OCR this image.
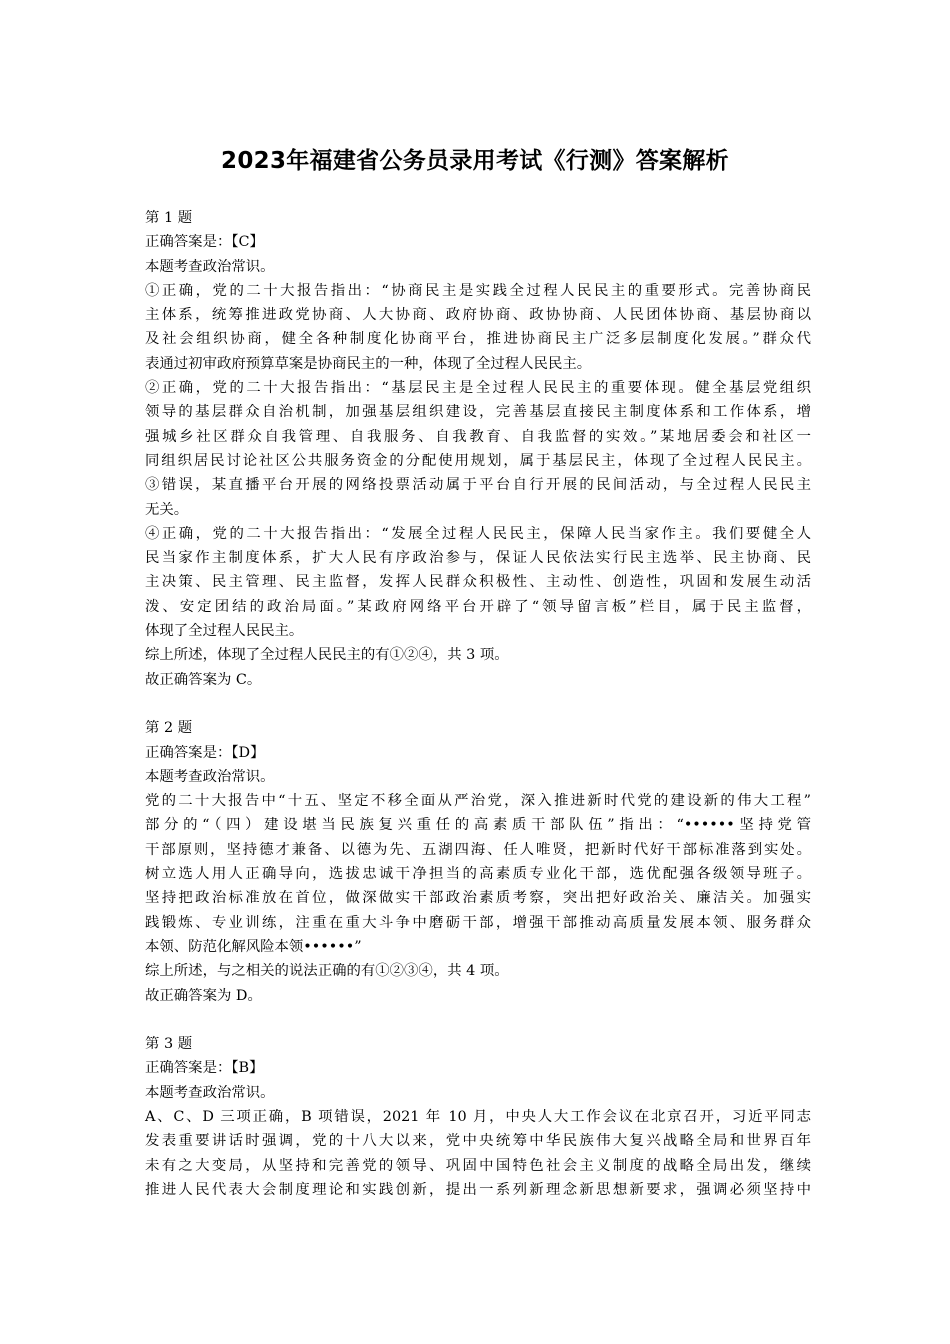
2023年福建省公务员录用考试《行测》答案解析
第 1 题
正确答案是：【C】
本题考查政治常识。
①正确，党的二十大报告指出：“协商民主是实践全过程人民民主的重要形式。完善协商民
主体系，统筹推进政党协商、人大协商、政府协商、政协协商、人民团体协商、基层协商以
及社会组织协商，健全各种制度化协商平台，推进协商民主广泛多层制度化发展。”群众代
表通过初审政府预算草案是协商民主的一种，体现了全过程人民民主。
②正确，党的二十大报告指出：“基层民主是全过程人民民主的重要体现。健全基层党组织
领导的基层群众自治机制，加强基层组织建设，完善基层直接民主制度体系和工作体系，增
强城乡社区群众自我管理、自我服务、自我教育、自我监督的实效。”某地居委会和社区一
同组织居民讨论社区公共服务资金的分配使用规划，属于基层民主，体现了全过程人民民主。
③错误，某直播平台开展的网络投票活动属于平台自行开展的民间活动，与全过程人民民主
无关。
④正确，党的二十大报告指出：“发展全过程人民民主，保障人民当家作主。我们要健全人
民当家作主制度体系，扩大人民有序政治参与，保证人民依法实行民主选举、民主协商、民
主决策、民主管理、民主监督，发挥人民群众积极性、主动性、创造性，巩固和发展生动活
泼、安定团结的政治局面。”某政府网络平台开辟了“领导留言板”栏目，属于民主监督，
体现了全过程人民民主。
综上所述，体现了全过程人民民主的有①②④，共 3 项。
故正确答案为 C。
第 2 题
正确答案是：【D】
本题考查政治常识。
党的二十大报告中“十五、坚定不移全面从严治党，深入推进新时代党的建设新的伟大工程”
部分的“（四）建设堪当民族复兴重任的高素质干部队伍”指出：“••••••坚持党管
干部原则，坚持德才兼备、以德为先、五湖四海、任人唯贤，把新时代好干部标准落到实处。
树立选人用人正确导向，选拔忠诚干净担当的高素质专业化干部，选优配强各级领导班子。
坚持把政治标准放在首位，做深做实干部政治素质考察，突出把好政治关、廉洁关。加强实
践锻炼、专业训练，注重在重大斗争中磨砺干部，增强干部推动高质量发展本领、服务群众
本领、防范化解风险本领••••••”
综上所述，与之相关的说法正确的有①②③④，共 4 项。
故正确答案为 D。
第 3 题
正确答案是：【B】
本题考查政治常识。
A、C、D 三项正确，B 项错误，2021 年 10 月，中央人大工作会议在北京召开，习近平同志
发表重要讲话时强调，党的十八大以来，党中央统筹中华民族伟大复兴战略全局和世界百年
未有之大变局，从坚持和完善党的领导、巩固中国特色社会主义制度的战略全局出发，继续
推进人民代表大会制度理论和实践创新，提出一系列新理念新思想新要求，强调必须坚持中
